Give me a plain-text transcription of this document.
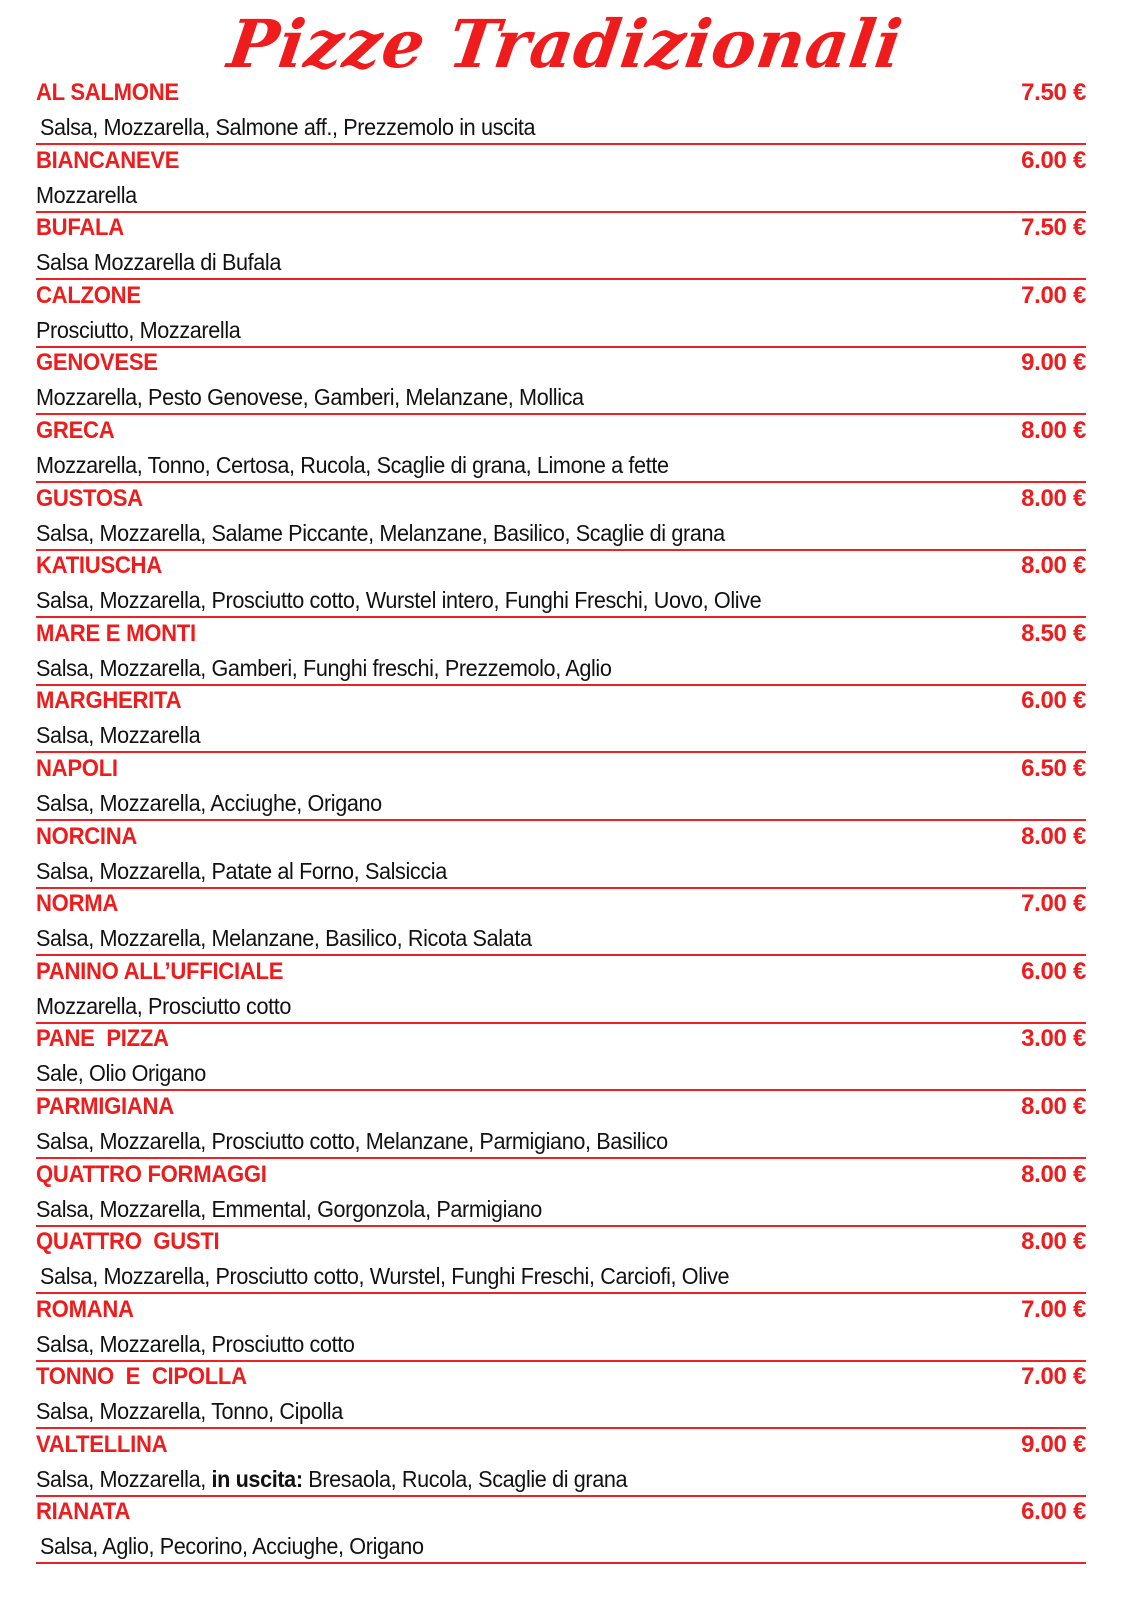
Pizze Tradizionali
AL SALMONE	7.50 €
Salsa, Mozzarella, Salmone aff., Prezzemolo in uscita
BIANCANEVE	6.00 €
Mozzarella
BUFALA	7.50 €
Salsa Mozzarella di Bufala
CALZONE	7.00 €
Prosciutto, Mozzarella
GENOVESE	9.00 €
Mozzarella, Pesto Genovese, Gamberi, Melanzane, Mollica
GRECA	8.00 €
Mozzarella, Tonno, Certosa, Rucola, Scaglie di grana, Limone a fette
GUSTOSA	8.00 €
Salsa, Mozzarella, Salame Piccante, Melanzane, Basilico, Scaglie di grana
KATIUSCHA	8.00 €
Salsa, Mozzarella, Prosciutto cotto, Wurstel intero, Funghi Freschi, Uovo, Olive
MARE E MONTI	8.50 €
Salsa, Mozzarella, Gamberi, Funghi freschi, Prezzemolo, Aglio
MARGHERITA	6.00 €
Salsa, Mozzarella
NAPOLI	6.50 €
Salsa, Mozzarella, Acciughe, Origano
NORCINA	8.00 €
Salsa, Mozzarella, Patate al Forno, Salsiccia
NORMA	7.00 €
Salsa, Mozzarella, Melanzane, Basilico, Ricota Salata
PANINO ALL’UFFICIALE	6.00 €
Mozzarella, Prosciutto cotto
PANE  PIZZA	3.00 €
Sale, Olio Origano
PARMIGIANA	8.00 €
Salsa, Mozzarella, Prosciutto cotto, Melanzane, Parmigiano, Basilico
QUATTRO FORMAGGI	8.00 €
Salsa, Mozzarella, Emmental, Gorgonzola, Parmigiano
QUATTRO  GUSTI	8.00 €
Salsa, Mozzarella, Prosciutto cotto, Wurstel, Funghi Freschi, Carciofi, Olive
ROMANA	7.00 €
Salsa, Mozzarella, Prosciutto cotto
TONNO  E  CIPOLLA	7.00 €
Salsa, Mozzarella, Tonno, Cipolla
VALTELLINA	9.00 €
Salsa, Mozzarella, in uscita: Bresaola, Rucola, Scaglie di grana
RIANATA	6.00 €
Salsa, Aglio, Pecorino, Acciughe, Origano
